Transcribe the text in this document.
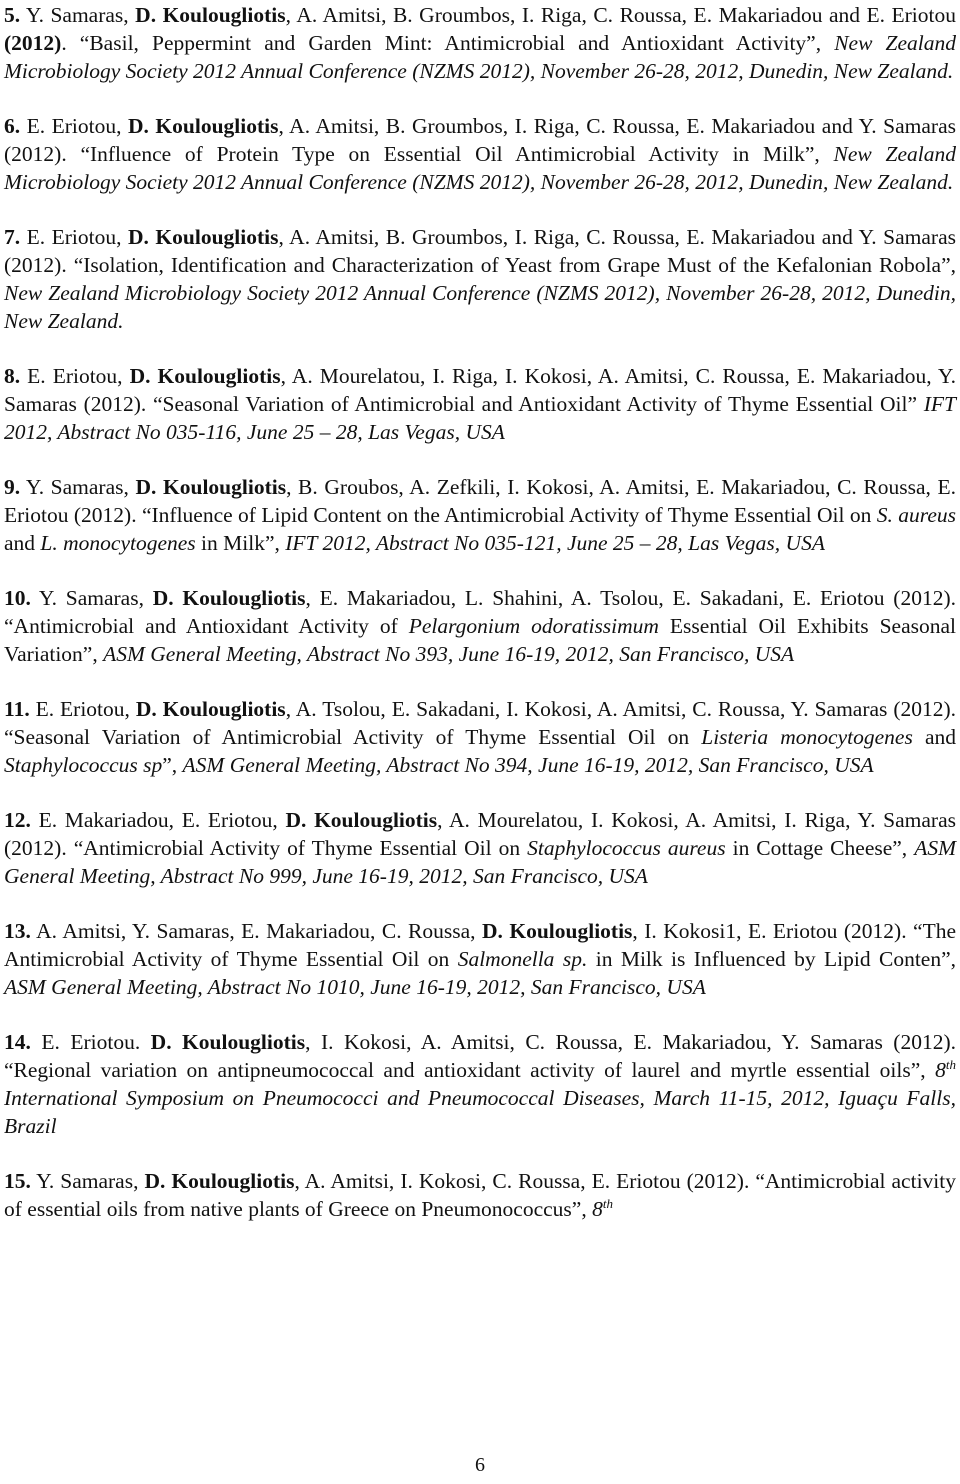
5. Y. Samaras, D. Koulougliotis, A. Amitsi, B. Groumbos, I. Riga, C. Roussa, E. Makariadou and E. Eriotou (2012). “Basil, Peppermint and Garden Mint: Antimicrobial and Antioxidant Activity”, New Zealand Microbiology Society 2012 Annual Conference (NZMS 2012), November 26-28, 2012, Dunedin, New Zealand.

6. E. Eriotou, D. Koulougliotis, A. Amitsi, B. Groumbos, I. Riga, C. Roussa, E. Makariadou and Y. Samaras (2012). “Influence of Protein Type on Essential Oil Antimicrobial Activity in Milk”, New Zealand Microbiology Society 2012 Annual Conference (NZMS 2012), November 26-28, 2012, Dunedin, New Zealand.

7. E. Eriotou, D. Koulougliotis, A. Amitsi, B. Groumbos, I. Riga, C. Roussa, E. Makariadou and Y. Samaras (2012). “Isolation, Identification and Characterization of Yeast from Grape Must of the Kefalonian Robola”, New Zealand Microbiology Society 2012 Annual Conference (NZMS 2012), November 26-28, 2012, Dunedin, New Zealand.

8. E. Eriotou, D. Koulougliotis, A. Mourelatou, I. Riga, I. Kokosi, A. Amitsi, C. Roussa, E. Makariadou, Y. Samaras (2012). “Seasonal Variation of Antimicrobial and Antioxidant Activity of Thyme Essential Oil” IFT 2012, Abstract No 035-116, June 25 – 28, Las Vegas, USA

9. Y. Samaras, D. Koulougliotis, B. Groubos, A. Zefkili, I. Kokosi, A. Amitsi, E. Makariadou, C. Roussa, E. Eriotou (2012). “Influence of Lipid Content on the Antimicrobial Activity of Thyme Essential Oil on S. aureus and L. monocytogenes in Milk”, IFT 2012, Abstract No 035-121, June 25 – 28, Las Vegas, USA

10. Y. Samaras, D. Koulougliotis, E. Makariadou, L. Shahini, A. Tsolou, E. Sakadani, E. Eriotou (2012). “Antimicrobial and Antioxidant Activity of Pelargonium odoratissimum Essential Oil Exhibits Seasonal Variation”, ASM General Meeting, Abstract No 393, June 16-19, 2012, San Francisco, USA

11. E. Eriotou, D. Koulougliotis, A. Tsolou, E. Sakadani, I. Kokosi, A. Amitsi, C. Roussa, Y. Samaras (2012). “Seasonal Variation of Antimicrobial Activity of Thyme Essential Oil on Listeria monocytogenes and Staphylococcus sp”, ASM General Meeting, Abstract No 394, June 16-19, 2012, San Francisco, USA

12. E. Makariadou, E. Eriotou, D. Koulougliotis, A. Mourelatou, I. Kokosi, A. Amitsi, I. Riga, Y. Samaras (2012). “Antimicrobial Activity of Thyme Essential Oil on Staphylococcus aureus in Cottage Cheese”, ASM General Meeting, Abstract No 999, June 16-19, 2012, San Francisco, USA

13. A. Amitsi, Y. Samaras, E. Makariadou, C. Roussa, D. Koulougliotis, I. Kokosi1, E. Eriotou (2012). “The Antimicrobial Activity of Thyme Essential Oil on Salmonella sp. in Milk is Influenced by Lipid Conten”, ASM General Meeting, Abstract No 1010, June 16-19, 2012, San Francisco, USA

14. E. Eriotou. D. Koulougliotis, I. Kokosi, A. Amitsi, C. Roussa, E. Makariadou, Y. Samaras (2012). “Regional variation on antipneumococcal and antioxidant activity of laurel and myrtle essential oils”, 8th International Symposium on Pneumococci and Pneumococcal Diseases, March 11-15, 2012, Iguaçu Falls, Brazil

15. Y. Samaras, D. Koulougliotis, A. Amitsi, I. Kokosi, C. Roussa, E. Eriotou (2012). “Antimicrobial activity of essential oils from native plants of Greece on Pneumonococcus”, 8th

6
